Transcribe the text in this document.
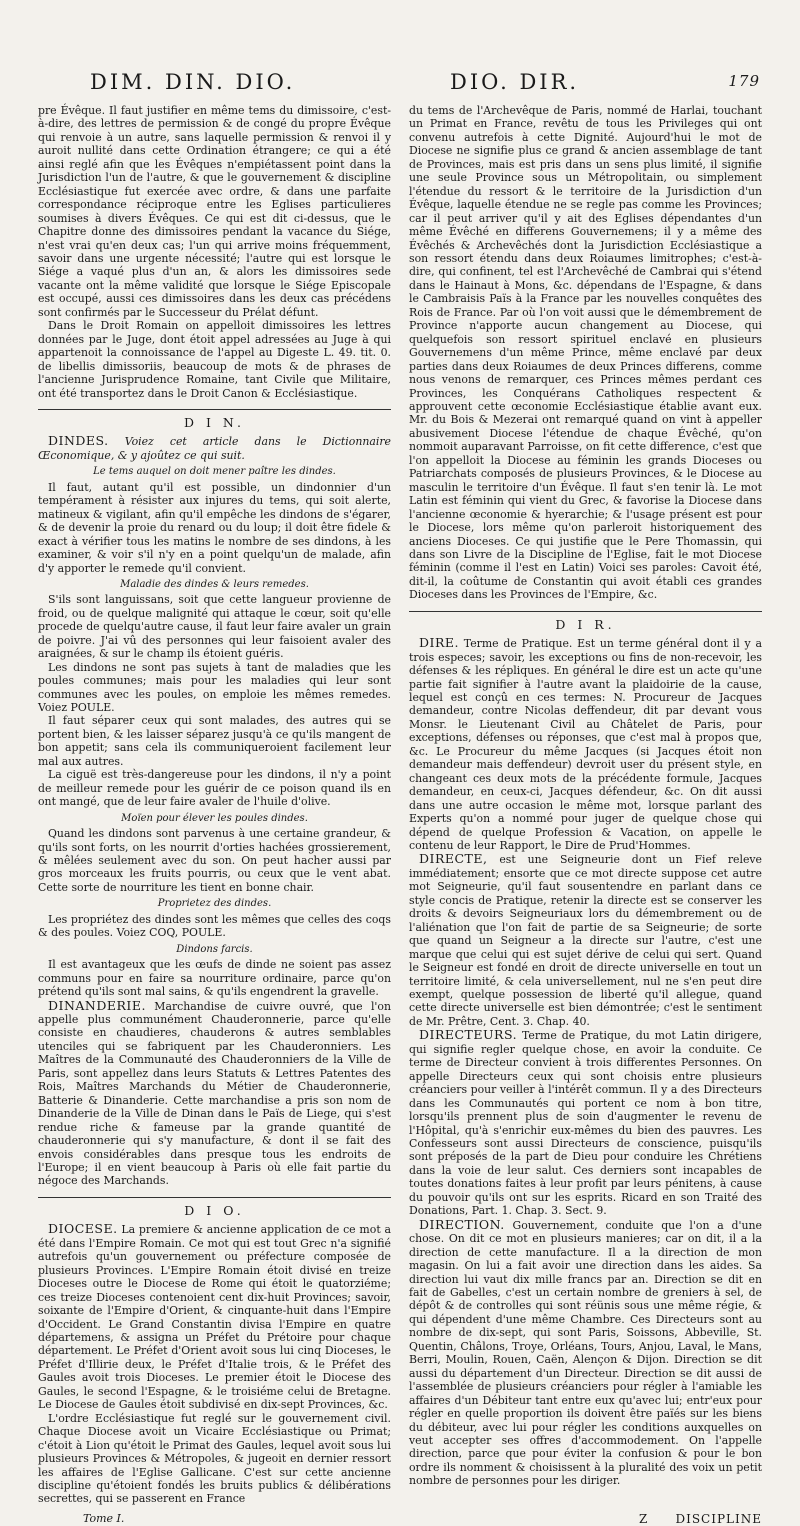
DIM. DIN. DIO.	DIO. DIR.	179

pre Évêque. Il faut justifier en même tems du dimissoire, c'est-à-dire, des lettres de permission & de congé du propre Évêque qui renvoie à un autre, sans laquelle permission & renvoi il y auroit nullité dans cette Ordination étrangere; ce qui a été ainsi reglé afin que les Évêques n'empiétassent point dans la Jurisdiction l'un de l'autre, & que le gouvernement & discipline Ecclésiastique fut exercée avec ordre, & dans une parfaite correspondance réciproque entre les Eglises particulieres soumises à divers Évêques. Ce qui est dit ci-dessus, que le Chapitre donne des dimissoires pendant la vacance du Siége, n'est vrai qu'en deux cas; l'un qui arrive moins fréquemment, savoir dans une urgente nécessité; l'autre qui est lorsque le Siége a vaqué plus d'un an, & alors les dimissoires sede vacante ont la même validité que lorsque le Siége Episcopale est occupé, aussi ces dimissoires dans les deux cas précédens sont confirmés par le Successeur du Prélat défunt.

Dans le Droit Romain on appelloit dimissoires les lettres données par le Juge, dont étoit appel adressées au Juge à qui appartenoit la connoissance de l'appel au Digeste L. 49. tit. 0. de libellis dimissoriis, beaucoup de mots & de phrases de l'ancienne Jurisprudence Romaine, tant Civile que Militaire, ont été transportez dans le Droit Canon & Ecclésiastique.

D I N.

DINDES. Voiez cet article dans le Dictionnaire Œconomique, & y ajoûtez ce qui suit.

Le tems auquel on doit mener paître les dindes.

Il faut, autant qu'il est possible, un dindonnier d'un tempérament à résister aux injures du tems, qui soit alerte, matineux & vigilant, afin qu'il empêche les dindons de s'égarer, & de devenir la proie du renard ou du loup; il doit être fidele & exact à vérifier tous les matins le nombre de ses dindons, à les examiner, & voir s'il n'y en a point quelqu'un de malade, afin d'y apporter le remede qu'il convient.

Maladie des dindes & leurs remedes.

S'ils sont languissans, soit que cette langueur provienne de froid, ou de quelque malignité qui attaque le cœur, soit qu'elle procede de quelqu'autre cause, il faut leur faire avaler un grain de poivre. J'ai vû des personnes qui leur faisoient avaler des araignées, & sur le champ ils étoient guéris.

Les dindons ne sont pas sujets à tant de maladies que les poules communes; mais pour les maladies qui leur sont communes avec les poules, on emploie les mêmes remedes. Voiez POULE.

Il faut séparer ceux qui sont malades, des autres qui se portent bien, & les laisser séparez jusqu'à ce qu'ils mangent de bon appetit; sans cela ils communiqueroient facilement leur mal aux autres.

La ciguë est très-dangereuse pour les dindons, il n'y a point de meilleur remede pour les guérir de ce poison quand ils en ont mangé, que de leur faire avaler de l'huile d'olive.

Moïen pour élever les poules dindes.

Quand les dindons sont parvenus à une certaine grandeur, & qu'ils sont forts, on les nourrit d'orties hachées grossierement, & mêlées seulement avec du son. On peut hacher aussi par gros morceaux les fruits pourris, ou ceux que le vent abat. Cette sorte de nourriture les tient en bonne chair.

Proprietez des dindes.

Les propriétez des dindes sont les mêmes que celles des coqs & des poules. Voiez COQ, POULE.

Dindons farcis.

Il est avantageux que les œufs de dinde ne soient pas assez communs pour en faire sa nourriture ordinaire, parce qu'on prétend qu'ils sont mal sains, & qu'ils engendrent la gravelle.

DINANDERIE. Marchandise de cuivre ouvré, que l'on appelle plus communément Chauderonnerie, parce qu'elle consiste en chaudieres, chauderons & autres semblables utenciles qui se fabriquent par les Chauderonniers. Les Maîtres de la Communauté des Chauderonniers de la Ville de Paris, sont appellez dans leurs Statuts & Lettres Patentes des Rois, Maîtres Marchands du Métier de Chauderonnerie, Batterie & Dinanderie. Cette marchandise a pris son nom de Dinanderie de la Ville de Dinan dans le Païs de Liege, qui s'est rendue riche & fameuse par la grande quantité de chauderonnerie qui s'y manufacture, & dont il se fait des envois considérables dans presque tous les endroits de l'Europe; il en vient beaucoup à Paris où elle fait partie du négoce des Marchands.

D I O.

DIOCESE. La premiere & ancienne application de ce mot a été dans l'Empire Romain. Ce mot qui est tout Grec n'a signifié autrefois qu'un gouvernement ou préfecture composée de plusieurs Provinces. L'Empire Romain étoit divisé en treize Dioceses outre le Diocese de Rome qui étoit le quatorziéme; ces treize Dioceses contenoient cent dix-huit Provinces; savoir, soixante de l'Empire d'Orient, & cinquante-huit dans l'Empire d'Occident. Le Grand Constantin divisa l'Empire en quatre départemens, & assigna un Préfet du Prétoire pour chaque département. Le Préfet d'Orient avoit sous lui cinq Dioceses, le Préfet d'Illirie deux, le Préfet d'Italie trois, & le Préfet des Gaules avoit trois Dioceses. Le premier étoit le Diocese des Gaules, le second l'Espagne, & le troisiéme celui de Bretagne. Le Diocese de Gaules étoit subdivisé en dix-sept Provinces, &c.

L'ordre Ecclésiastique fut reglé sur le gouvernement civil. Chaque Diocese avoit un Vicaire Ecclésiastique ou Primat; c'étoit à Lion qu'étoit le Primat des Gaules, lequel avoit sous lui plusieurs Provinces & Métropoles, & jugeoit en dernier ressort les affaires de l'Eglise Gallicane. C'est sur cette ancienne discipline qu'étoient fondés les bruits publics & délibérations secrettes, qui se passerent en France

du tems de l'Archevêque de Paris, nommé de Harlai, touchant un Primat en France, revêtu de tous les Privileges qui ont convenu autrefois à cette Dignité. Aujourd'hui le mot de Diocese ne signifie plus ce grand & ancien assemblage de tant de Provinces, mais est pris dans un sens plus limité, il signifie une seule Province sous un Métropolitain, ou simplement l'étendue du ressort & le territoire de la Jurisdiction d'un Évêque, laquelle étendue ne se regle pas comme les Provinces; car il peut arriver qu'il y ait des Eglises dépendantes d'un même Évêché en differens Gouvernemens; il y a même des Évêchés & Archevêchés dont la Jurisdiction Ecclésiastique a son ressort étendu dans deux Roiaumes limitrophes; c'est-à-dire, qui confinent, tel est l'Archevêché de Cambrai qui s'étend dans le Hainaut à Mons, &c. dépendans de l'Espagne, & dans le Cambraisis Païs à la France par les nouvelles conquêtes des Rois de France. Par où l'on voit aussi que le démembrement de Province n'apporte aucun changement au Diocese, qui quelquefois son ressort spirituel enclavé en plusieurs Gouvernemens d'un même Prince, même enclavé par deux parties dans deux Roiaumes de deux Princes differens, comme nous venons de remarquer, ces Princes mêmes perdant ces Provinces, les Conquérans Catholiques respectent & approuvent cette œconomie Ecclésiastique établie avant eux. Mr. du Bois & Mezerai ont remarqué quand on vint à appeller abusivement Diocese l'étendue de chaque Évêché, qu'on nommoit auparavant Parroisse, on fit cette difference, c'est que l'on appelloit la Diocese au féminin les grands Dioceses ou Patriarchats composés de plusieurs Provinces, & le Diocese au masculin le territoire d'un Évêque. Il faut s'en tenir là. Le mot Latin est féminin qui vient du Grec, & favorise la Diocese dans l'ancienne œconomie & hyerarchie; & l'usage présent est pour le Diocese, lors même qu'on parleroit historiquement des anciens Dioceses. Ce qui justifie que le Pere Thomassin, qui dans son Livre de la Discipline de l'Eglise, fait le mot Diocese féminin (comme il l'est en Latin) Voici ses paroles: Cavoit été, dit-il, la coûtume de Constantin qui avoit établi ces grandes Dioceses dans les Provinces de l'Empire, &c.

D I R.

DIRE. Terme de Pratique. Est un terme général dont il y a trois especes; savoir, les exceptions ou fins de non-recevoir, les défenses & les répliques. En général le dire est un acte qu'une partie fait signifier à l'autre avant la plaidoirie de la cause, lequel est conçû en ces termes: N. Procureur de Jacques demandeur, contre Nicolas deffendeur, dit par devant vous Monsr. le Lieutenant Civil au Châtelet de Paris, pour exceptions, défenses ou réponses, que c'est mal à propos que, &c. Le Procureur du même Jacques (si Jacques étoit non demandeur mais deffendeur) devroit user du présent style, en changeant ces deux mots de la précédente formule, Jacques demandeur, en ceux-ci, Jacques défendeur, &c. On dit aussi dans une autre occasion le même mot, lorsque parlant des Experts qu'on a nommé pour juger de quelque chose qui dépend de quelque Profession & Vacation, on appelle le contenu de leur Rapport, le Dire de Prud'Hommes.

DIRECTE, est une Seigneurie dont un Fief releve immédiatement; ensorte que ce mot directe suppose cet autre mot Seigneurie, qu'il faut sousentendre en parlant dans ce style concis de Pratique, retenir la directe est se conserver les droits & devoirs Seigneuriaux lors du démembrement ou de l'aliénation que l'on fait de partie de sa Seigneurie; de sorte que quand un Seigneur a la directe sur l'autre, c'est une marque que celui qui est sujet dérive de celui qui sert. Quand le Seigneur est fondé en droit de directe universelle en tout un territoire limité, & cela universellement, nul ne s'en peut dire exempt, quelque possession de liberté qu'il allegue, quand cette directe universelle est bien démontrée; c'est le sentiment de Mr. Prêtre, Cent. 3. Chap. 40.

DIRECTEURS. Terme de Pratique, du mot Latin dirigere, qui signifie regler quelque chose, en avoir la conduite. Ce terme de Directeur convient à trois differentes Personnes. On appelle Directeurs ceux qui sont choisis entre plusieurs créanciers pour veiller à l'intérêt commun. Il y a des Directeurs dans les Communautés qui portent ce nom à bon titre, lorsqu'ils prennent plus de soin d'augmenter le revenu de l'Hôpital, qu'à s'enrichir eux-mêmes du bien des pauvres. Les Confesseurs sont aussi Directeurs de conscience, puisqu'ils sont préposés de la part de Dieu pour conduire les Chrétiens dans la voie de leur salut. Ces derniers sont incapables de toutes donations faites à leur profit par leurs pénitens, à cause du pouvoir qu'ils ont sur les esprits. Ricard en son Traité des Donations, Part. 1. Chap. 3. Sect. 9.

DIRECTION. Gouvernement, conduite que l'on a d'une chose. On dit ce mot en plusieurs manieres; car on dit, il a la direction de cette manufacture. Il a la direction de mon magasin. On lui a fait avoir une direction dans les aides. Sa direction lui vaut dix mille francs par an. Direction se dit en fait de Gabelles, c'est un certain nombre de greniers à sel, de dépôt & de controlles qui sont réünis sous une même régie, & qui dépendent d'une même Chambre. Ces Directeurs sont au nombre de dix-sept, qui sont Paris, Soissons, Abbeville, St. Quentin, Châlons, Troye, Orléans, Tours, Anjou, Laval, le Mans, Berri, Moulin, Rouen, Caën, Alençon & Dijon. Direction se dit aussi du département d'un Directeur. Direction se dit aussi de l'assemblée de plusieurs créanciers pour régler à l'amiable les affaires d'un Débiteur tant entre eux qu'avec lui; entr'eux pour régler en quelle proportion ils doivent être païés sur les biens du débiteur, avec lui pour régler les conditions auxquelles on veut accepter ses offres d'accommodement. On l'appelle direction, parce que pour éviter la confusion & pour le bon ordre ils nomment & choisissent à la pluralité des voix un petit nombre de personnes pour les diriger.

Tome I.	Z DISCIPLINE
